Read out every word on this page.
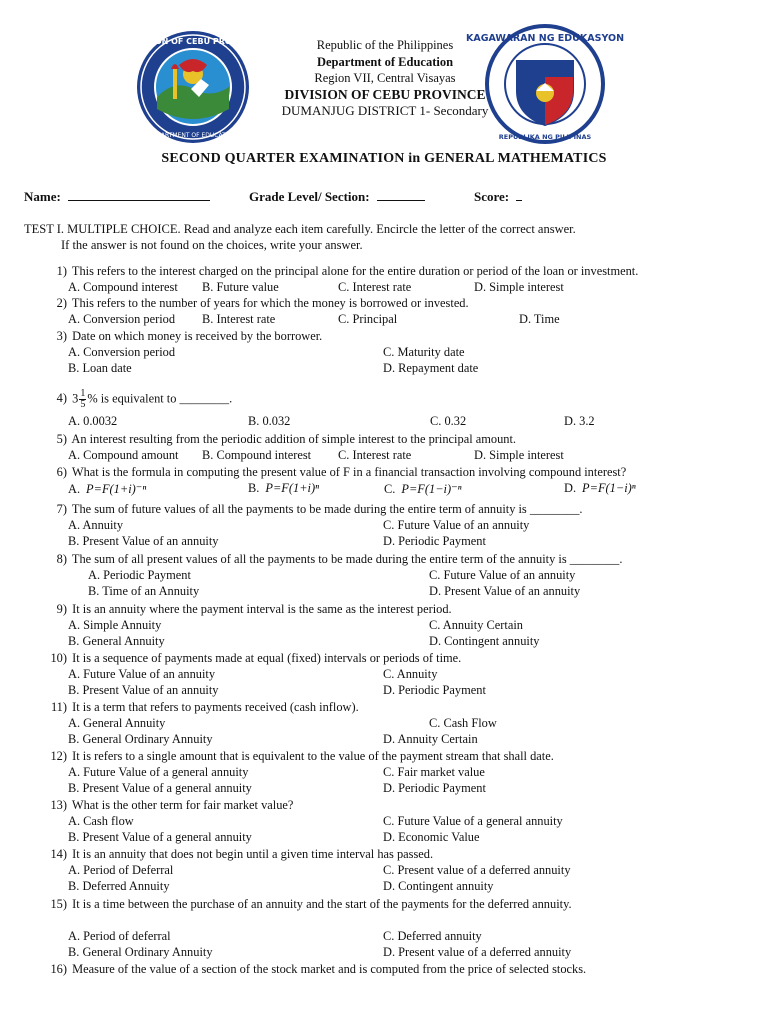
DIVISION OF CEBU PROVINCE
DEPARTMENT OF EDUCATION
Republic of the Philippines
Department of Education
Region VII, Central Visayas
DIVISION OF CEBU PROVINCE
DUMANJUG DISTRICT 1- Secondary
KAGAWARAN NG EDUKASYON
REPUBLIKA NG PILIPINAS
SECOND QUARTER EXAMINATION in GENERAL MATHEMATICS
Name:	Grade Level/ Section:	Score:
TEST I. MULTIPLE CHOICE. Read and analyze each item carefully. Encircle the letter of the correct answer.
If the answer is not found on the choices, write your answer.
1) This refers to the interest charged on the principal alone for the entire duration or period of the loan or investment.
A. Compound interest B. Future value	C. Interest rate	D. Simple interest
2) This refers to the number of years for which the money is borrowed or invested.
A. Conversion period B. Interest rate	C. Principal	D. Time
3) Date on which money is received by the borrower.
A. Conversion period	C. Maturity date
B. Loan date	D. Repayment date
4) $3 \frac{1}{5}$ % is equivalent to ________.
A. 0.0032	B. 0.032	C. 0.32	D. 3.2
5) An interest resulting from the periodic addition of simple interest to the principal amount.
A. Compound amount B. Compound interest C. Interest rate	D. Simple interest
6) What is the formula in computing the present value of F in a financial transaction involving compound interest?
A. P=F(1+i)⁻ⁿ	B. P=F(1+i)ⁿ	C. P=F(1−i)⁻ⁿ	D. P=F(1−i)ⁿ
7) The sum of future values of all the payments to be made during the entire term of annuity is ________.
A. Annuity	C. Future Value of an annuity
B. Present Value of an annuity	D. Periodic Payment
8) The sum of all present values of all the payments to be made during the entire term of the annuity is ________.
A. Periodic Payment	C. Future Value of an annuity
B. Time of an Annuity	D. Present Value of an annuity
9) It is an annuity where the payment interval is the same as the interest period.
A. Simple Annuity	C. Annuity Certain
B. General Annuity	D. Contingent annuity
10) It is a sequence of payments made at equal (fixed) intervals or periods of time.
A. Future Value of an annuity	C. Annuity
B. Present Value of an annuity	D. Periodic Payment
11) It is a term that refers to payments received (cash inflow).
A. General Annuity	C. Cash Flow
B. General Ordinary Annuity	D. Annuity Certain
12) It is refers to a single amount that is equivalent to the value of the payment stream that shall date.
A. Future Value of a general annuity	C. Fair market value
B. Present Value of a general annuity	D. Periodic Payment
13) What is the other term for fair market value?
A. Cash flow	C. Future Value of a general annuity
B. Present Value of a general annuity	D. Economic Value
14) It is an annuity that does not begin until a given time interval has passed.
A. Period of Deferral	C. Present value of a deferred annuity
B. Deferred Annuity	D. Contingent annuity
15) It is a time between the purchase of an annuity and the start of the payments for the deferred annuity.
A. Period of deferral	C. Deferred annuity
B. General Ordinary Annuity	D. Present value of a deferred annuity
16) Measure of the value of a section of the stock market and is computed from the price of selected stocks.
